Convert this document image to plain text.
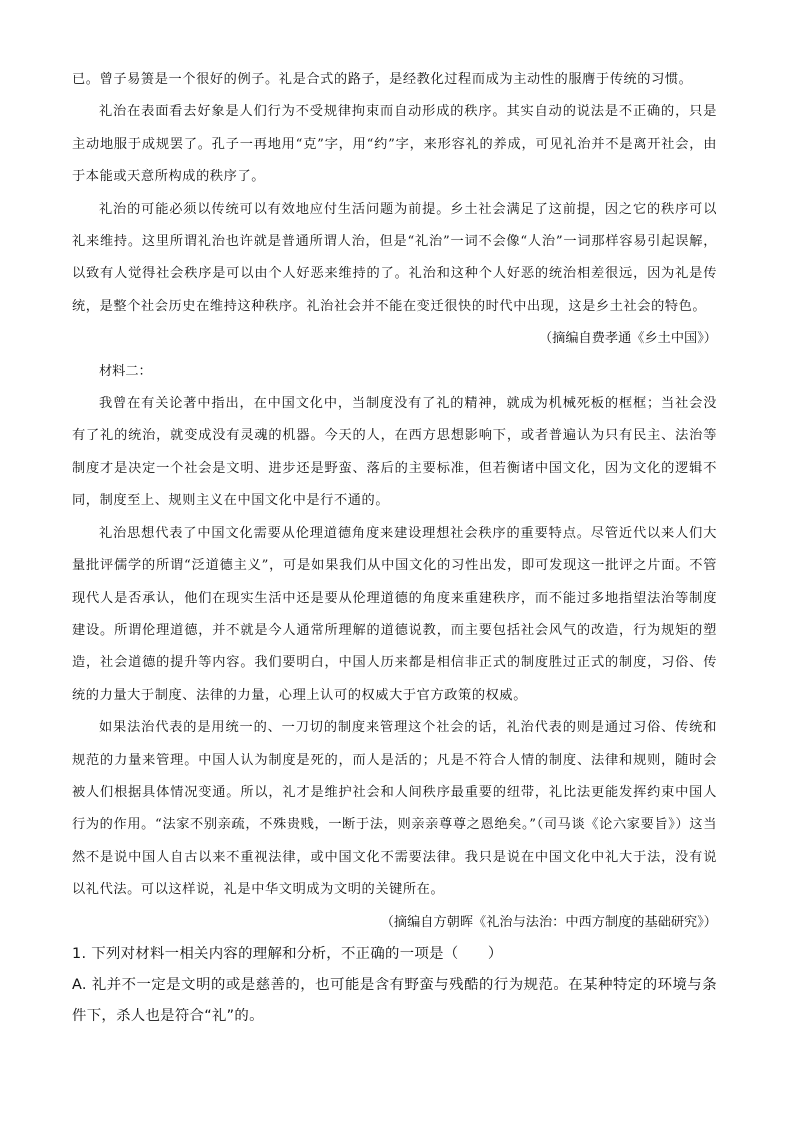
已。曾子易箦是一个很好的例子。礼是合式的路子，是经教化过程而成为主动性的服膺于传统的习惯。

礼治在表面看去好象是人们行为不受规律拘束而自动形成的秩序。其实自动的说法是不正确的，只是主动地服于成规罢了。孔子一再地用“克”字，用“约”字，来形容礼的养成，可见礼治并不是离开社会，由于本能或天意所构成的秩序了。

礼治的可能必须以传统可以有效地应付生活问题为前提。乡土社会满足了这前提，因之它的秩序可以礼来维持。这里所谓礼治也许就是普通所谓人治，但是“礼治”一词不会像“人治”一词那样容易引起误解，以致有人觉得社会秩序是可以由个人好恶来维持的了。礼治和这种个人好恶的统治相差很远，因为礼是传统，是整个社会历史在维持这种秩序。礼治社会并不能在变迁很快的时代中出现，这是乡土社会的特色。

（摘编自费孝通《乡土中国》）

材料二：

我曾在有关论著中指出，在中国文化中，当制度没有了礼的精神，就成为机械死板的框框；当社会没有了礼的统治，就变成没有灵魂的机器。今天的人，在西方思想影响下，或者普遍认为只有民主、法治等制度才是决定一个社会是文明、进步还是野蛮、落后的主要标准，但若衡诸中国文化，因为文化的逻辑不同，制度至上、规则主义在中国文化中是行不通的。

礼治思想代表了中国文化需要从伦理道德角度来建设理想社会秩序的重要特点。尽管近代以来人们大量批评儒学的所谓“泛道德主义”，可是如果我们从中国文化的习性出发，即可发现这一批评之片面。不管现代人是否承认，他们在现实生活中还是要从伦理道德的角度来重建秩序，而不能过多地指望法治等制度建设。所谓伦理道德，并不就是今人通常所理解的道德说教，而主要包括社会风气的改造，行为规矩的塑造，社会道德的提升等内容。我们要明白，中国人历来都是相信非正式的制度胜过正式的制度，习俗、传统的力量大于制度、法律的力量，心理上认可的权威大于官方政策的权威。

如果法治代表的是用统一的、一刀切的制度来管理这个社会的话，礼治代表的则是通过习俗、传统和规范的力量来管理。中国人认为制度是死的，而人是活的；凡是不符合人情的制度、法律和规则，随时会被人们根据具体情况变通。所以，礼才是维护社会和人间秩序最重要的纽带，礼比法更能发挥约束中国人行为的作用。“法家不别亲疏，不殊贵贱，一断于法，则亲亲尊尊之恩绝矣。”（司马谈《论六家要旨》）这当然不是说中国人自古以来不重视法律，或中国文化不需要法律。我只是说在中国文化中礼大于法，没有说以礼代法。可以这样说，礼是中华文明成为文明的关键所在。

（摘编自方朝晖《礼治与法治：中西方制度的基础研究》）

1. 下列对材料一相关内容的理解和分析，不正确的一项是（　　）

A. 礼并不一定是文明的或是慈善的，也可能是含有野蛮与残酷的行为规范。在某种特定的环境与条件下，杀人也是符合“礼”的。
